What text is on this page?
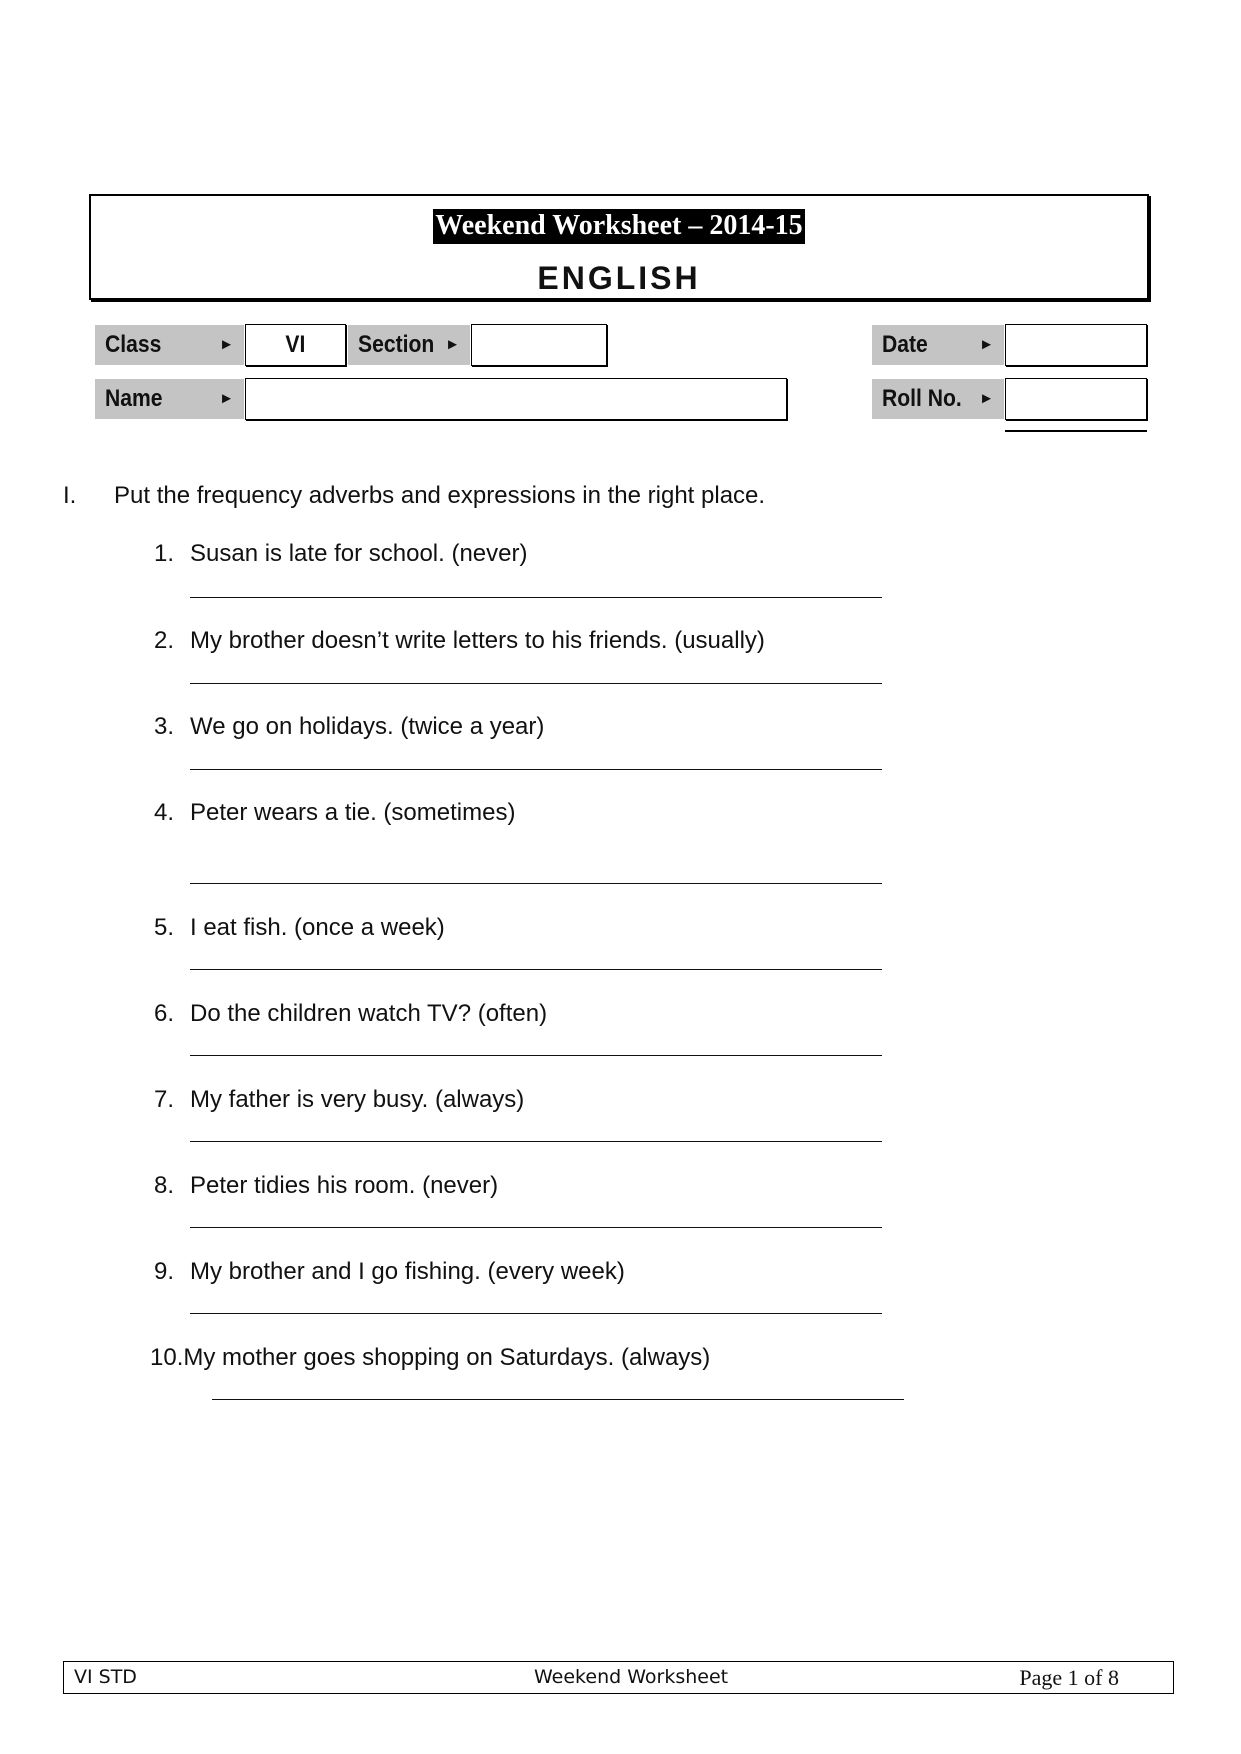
Weekend Worksheet – 2014-15
ENGLISH
Class	►	VI	Section ►	Date	►
Name	►	Roll No. ►
I. Put the frequency adverbs and expressions in the right place.
1. Susan is late for school. (never)
2. My brother doesn’t write letters to his friends. (usually)
3. We go on holidays. (twice a year)
4. Peter wears a tie. (sometimes)
5. I eat fish. (once a week)
6. Do the children watch TV? (often)
7. My father is very busy. (always)
8. Peter tidies his room. (never)
9. My brother and I go fishing. (every week)
10.My mother goes shopping on Saturdays. (always)
VI STD	Weekend Worksheet	Page 1 of 8
